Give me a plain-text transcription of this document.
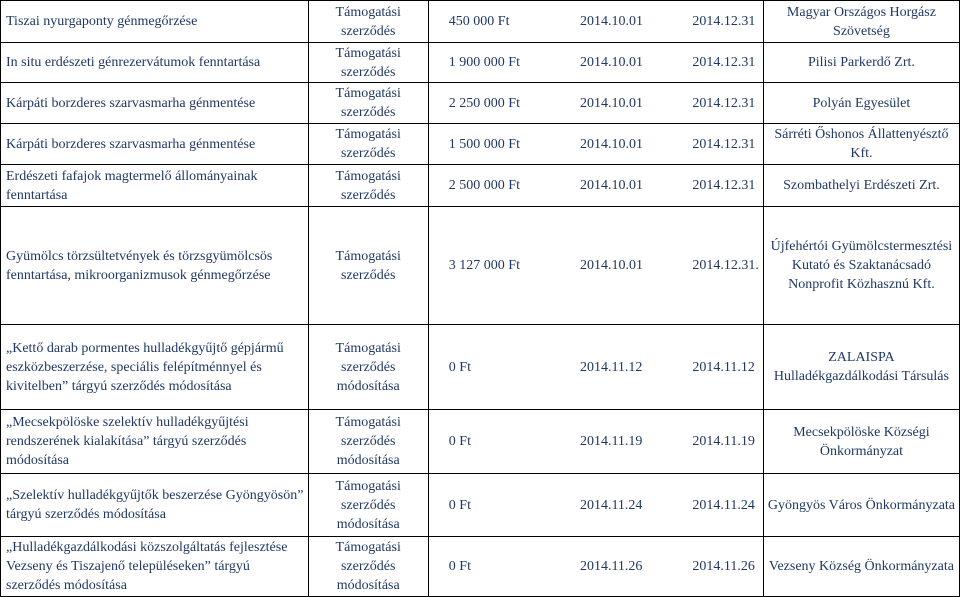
Tiszai nyurgaponty génmegőrzése	Támogatási szerződés	450 000 Ft	2014.10.01	2014.12.31	Magyar Országos Horgász Szövetség
In situ erdészeti génrezervátumok fenntartása	Támogatási szerződés	1 900 000 Ft	2014.10.01	2014.12.31	Pilisi Parkerdő Zrt.
Kárpáti borzderes szarvasmarha génmentése	Támogatási szerződés	2 250 000 Ft	2014.10.01	2014.12.31	Polyán Egyesület
Kárpáti borzderes szarvasmarha génmentése	Támogatási szerződés	1 500 000 Ft	2014.10.01	2014.12.31	Sárréti Őshonos Állattenyésztő Kft.
Erdészeti fafajok magtermelő állományainak fenntartása	Támogatási szerződés	2 500 000 Ft	2014.10.01	2014.12.31	Szombathelyi Erdészeti Zrt.
Gyümölcs törzsültetvények és törzsgyümölcsös fenntartása, mikroorganizmusok génmegőrzése	Támogatási szerződés	3 127 000 Ft	2014.10.01	2014.12.31.	Újfehértói Gyümölcstermesztési Kutató és Szaktanácsadó Nonprofit Közhasznú Kft.
„Kettő darab pormentes hulladékgyűjtő gépjármű eszközbeszerzése, speciális felépítménnyel és kivitelben” tárgyú szerződés módosítása	Támogatási szerződés módosítása	0 Ft	2014.11.12	2014.11.12	ZALAISPA Hulladékgazdálkodási Társulás
„Mecsekpölöske szelektív hulladékgyűjtési rendszerének kialakítása” tárgyú szerződés módosítása	Támogatási szerződés módosítása	0 Ft	2014.11.19	2014.11.19	Mecsekpölöske Községi Önkormányzat
„Szelektív hulladékgyűjtők beszerzése Gyöngyösön” tárgyú szerződés módosítása	Támogatási szerződés módosítása	0 Ft	2014.11.24	2014.11.24	Gyöngyös Város Önkormányzata
„Hulladékgazdálkodási közszolgáltatás fejlesztése Vezseny és Tiszajenő településeken” tárgyú szerződés módosítása	Támogatási szerződés módosítása	0 Ft	2014.11.26	2014.11.26	Vezseny Község Önkormányzata
